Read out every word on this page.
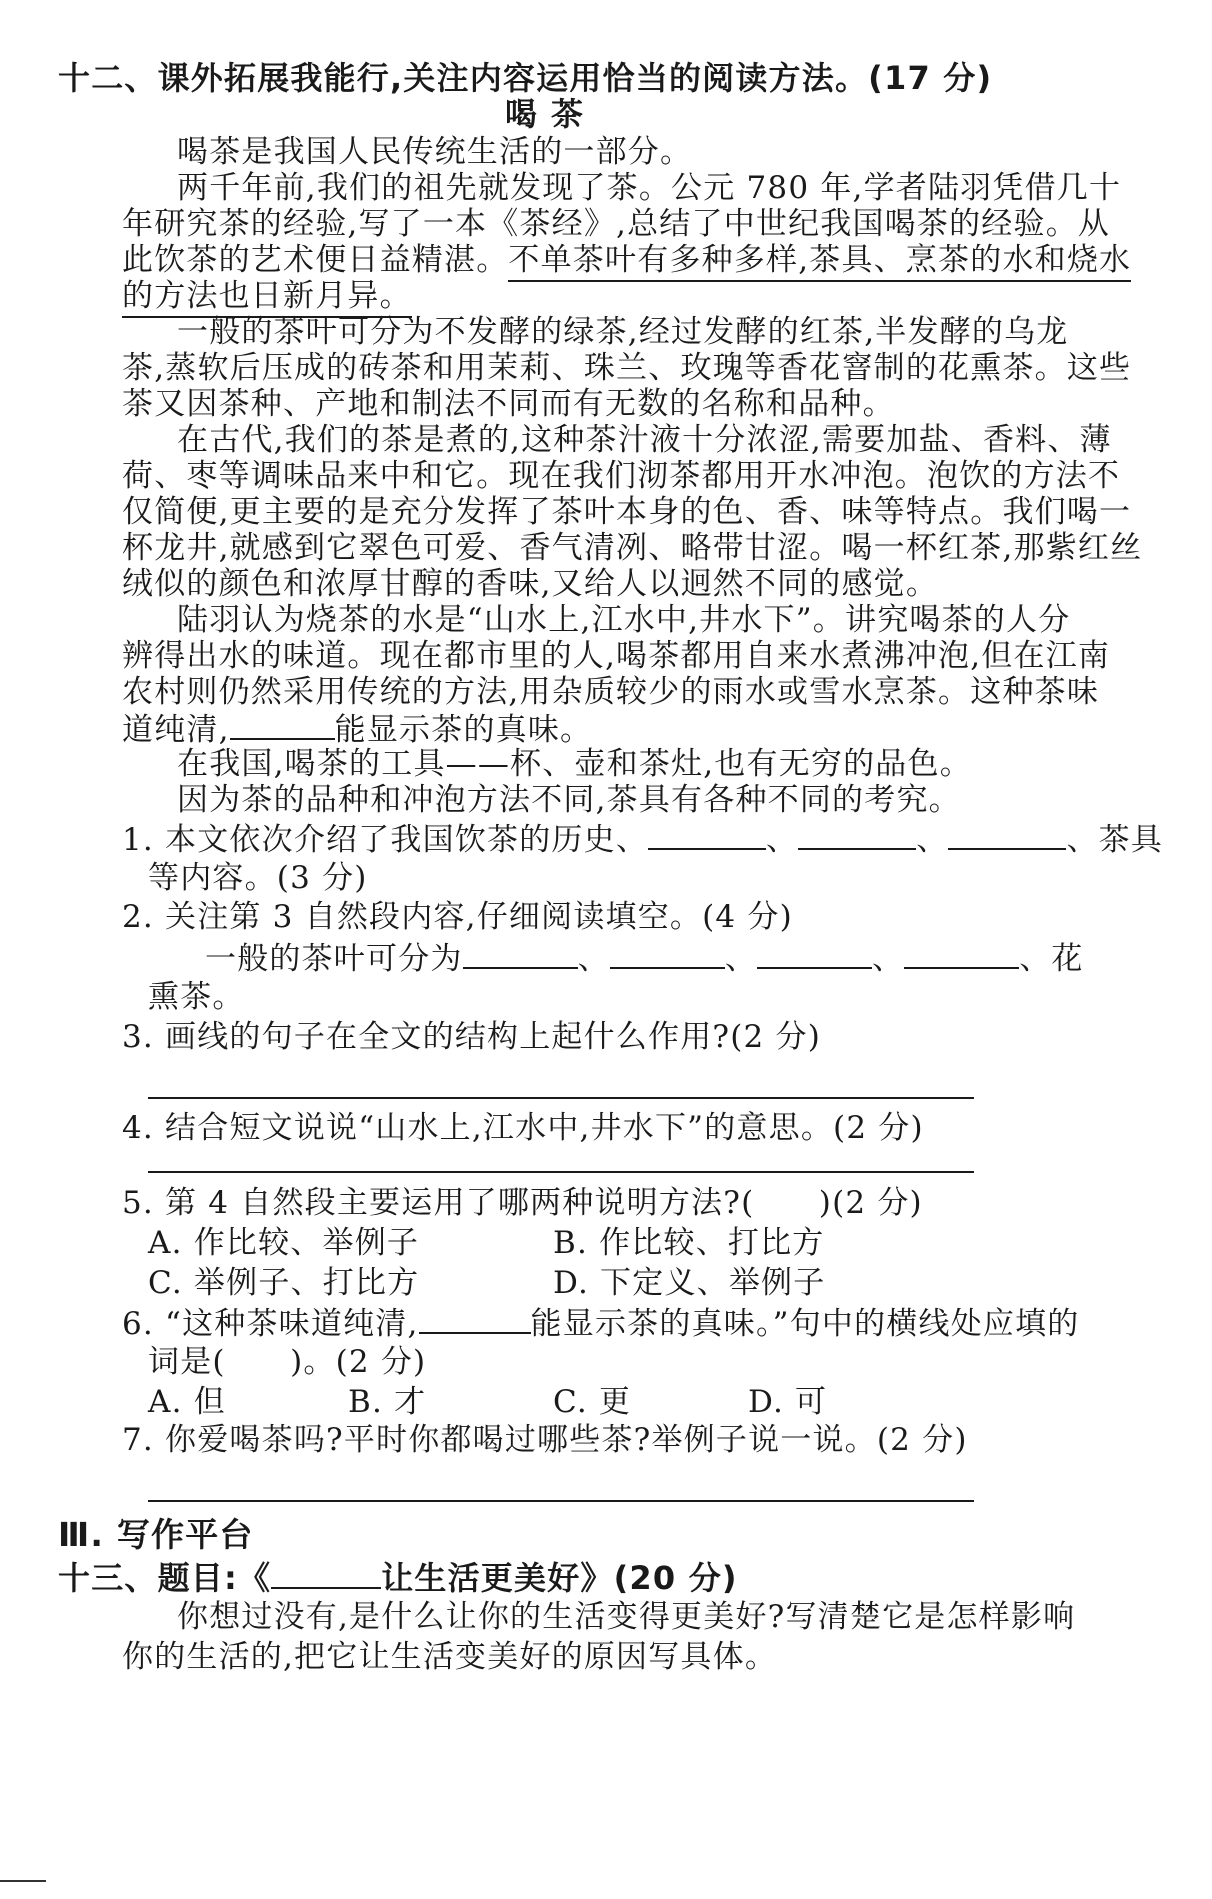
十二、课外拓展我能行,关注内容运用恰当的阅读方法。(17 分)
喝茶
喝茶是我国人民传统生活的一部分。
两千年前,我们的祖先就发现了茶。公元 780 年,学者陆羽凭借几十
年研究茶的经验,写了一本《茶经》,总结了中世纪我国喝茶的经验。从
此饮茶的艺术便日益精湛。不单茶叶有多种多样,茶具、烹茶的水和烧水
的方法也日新月异。
一般的茶叶可分为不发酵的绿茶,经过发酵的红茶,半发酵的乌龙
茶,蒸软后压成的砖茶和用茉莉、珠兰、玫瑰等香花窨制的花熏茶。这些
茶又因茶种、产地和制法不同而有无数的名称和品种。
在古代,我们的茶是煮的,这种茶汁液十分浓涩,需要加盐、香料、薄
荷、枣等调味品来中和它。现在我们沏茶都用开水冲泡。泡饮的方法不
仅简便,更主要的是充分发挥了茶叶本身的色、香、味等特点。我们喝一
杯龙井,就感到它翠色可爱、香气清冽、略带甘涩。喝一杯红茶,那紫红丝
绒似的颜色和浓厚甘醇的香味,又给人以迥然不同的感觉。
陆羽认为烧茶的水是“山水上,江水中,井水下”。讲究喝茶的人分
辨得出水的味道。现在都市里的人,喝茶都用自来水煮沸冲泡,但在江南
农村则仍然采用传统的方法,用杂质较少的雨水或雪水烹茶。这种茶味
道纯清,	能显示茶的真味。
在我国,喝茶的工具——杯、壶和茶灶,也有无穷的品色。
因为茶的品种和冲泡方法不同,茶具有各种不同的考究。
1. 本文依次介绍了我国饮茶的历史、	、	、	、茶具
等内容。(3 分)
2. 关注第 3 自然段内容,仔细阅读填空。(4 分)
一般的茶叶可分为	、	、	、	、花
熏茶。
3. 画线的句子在全文的结构上起什么作用?(2 分)
4. 结合短文说说“山水上,江水中,井水下”的意思。(2 分)
5. 第 4 自然段主要运用了哪两种说明方法?(　　)(2 分)
A. 作比较、举例子	B. 作比较、打比方
C. 举例子、打比方	D. 下定义、举例子
6. “这种茶味道纯清,	能显示茶的真味。”句中的横线处应填的
词是(　　)。(2 分)
A. 但	B. 才	C. 更	D. 可
7. 你爱喝茶吗?平时你都喝过哪些茶?举例子说一说。(2 分)
Ⅲ. 写作平台
十三、题目:《	让生活更美好》(20 分)
你想过没有,是什么让你的生活变得更美好?写清楚它是怎样影响
你的生活的,把它让生活变美好的原因写具体。
